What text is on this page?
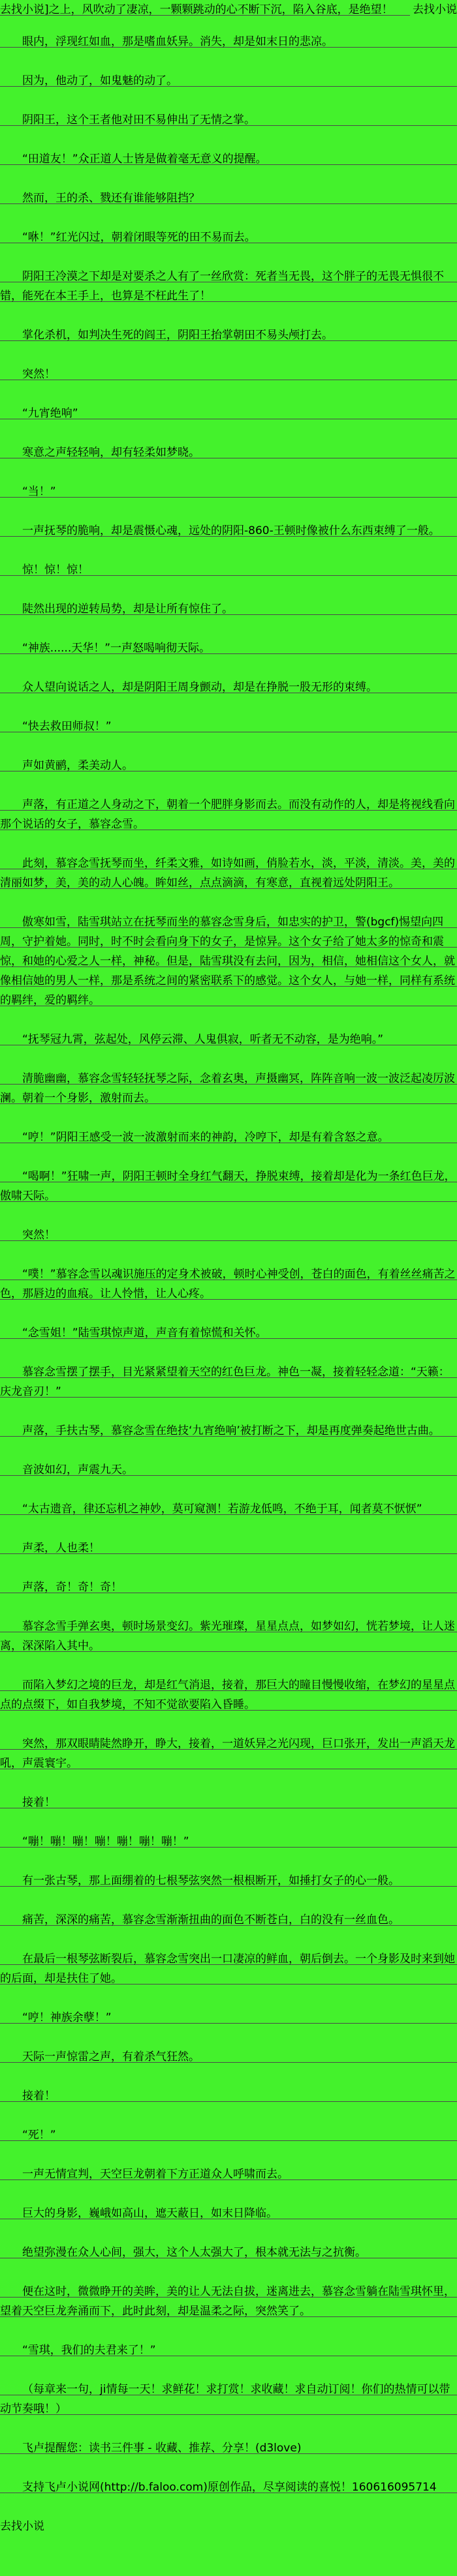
去找小说]之上，风吹动了凄凉，一颗颗跳动的心不断下沉，陷入谷底，是绝望！	去找小说
眼内，浮现红如血，那是嗜血妖异。消失，却是如末日的悲凉。
因为，他动了，如鬼魅的动了。
阴阳王，这个王者他对田不易伸出了无情之掌。
“田道友！”众正道人士皆是做着毫无意义的提醒。
然而，王的杀、戮还有谁能够阻挡？
“咻！”红光闪过，朝着闭眼等死的田不易而去。
阴阳王冷漠之下却是对要杀之人有了一丝欣赏：死者当无畏，这个胖子的无畏无惧很不错，能死在本王手上，也算是不枉此生了！
掌化杀机，如判决生死的阎王，阴阳王抬掌朝田不易头颅打去。
突然！
“九宵绝响”
寒意之声轻轻响，却有轻柔如梦晓。
“当！”
一声抚琴的脆响，却是震慑心魂，远处的阴阳-860-王顿时像被什么东西束缚了一般。
惊！惊！惊！
陡然出现的逆转局势，却是让所有惊住了。
“神族......天华！”一声怒喝响彻天际。
众人望向说话之人，却是阴阳王周身颤动，却是在挣脱一股无形的束缚。
“快去救田师叔！”
声如黄鹂，柔美动人。
声落，有正道之人身动之下，朝着一个肥胖身影而去。而没有动作的人，却是将视线看向那个说话的女子，慕容念雪。
此刻，慕容念雪抚琴而坐，纤柔文雅，如诗如画，俏脸若水，淡，平淡，清淡。美，美的清丽如梦，美，美的动人心魄。眸如丝，点点滴滴，有寒意，直视着远处阴阳王。
傲寒如雪，陆雪琪站立在抚琴而坐的慕容念雪身后，如忠实的护卫，警(bgcf)惕望向四周，守护着她。同时，时不时会看向身下的女子，是惊异。这个女子给了她太多的惊奇和震惊，和她的心爱之人一样，神秘。但是，陆雪琪没有去问，因为，相信，她相信这个女人，就像相信她的男人一样，那是系统之间的紧密联系下的感觉。这个女人，与她一样，同样有系统的羁绊，爱的羁绊。
“抚琴冠九霄，弦起处，风停云滞、人鬼俱寂，听者无不动容，是为绝响。”
清脆幽幽，慕容念雪轻轻抚琴之际，念着玄奥，声摄幽冥，阵阵音响一波一波泛起凌厉波澜。朝着一个身影，激射而去。
“哼！”阴阳王感受一波一波激射而来的神韵，冷哼下，却是有着含怒之意。
“喝啊！”狂啸一声，阴阳王顿时全身红气翻天，挣脱束缚，接着却是化为一条红色巨龙，傲啸天际。
突然！
“噗！”慕容念雪以魂识施压的定身术被破，顿时心神受创，苍白的面色，有着丝丝痛苦之色，那唇边的血痕。让人怜惜，让人心疼。
“念雪姐！”陆雪琪惊声道，声音有着惊慌和关怀。
慕容念雪摆了摆手，目光紧紧望着天空的红色巨龙。神色一凝，接着轻轻念道：“天籁：庆龙音刃！”
声落，手扶古琴，慕容念雪在绝技‘九宵绝响’被打断之下，却是再度弹奏起绝世古曲。
音波如幻，声震九天。
“太古遗音，律还忘机之神妙，莫可窥测！若游龙低鸣，不绝于耳，闻者莫不恹恹”
声柔，人也柔！
声落，奇！奇！奇！
慕容念雪手弹玄奥，顿时场景变幻。紫光璀璨，星星点点，如梦如幻，恍若梦境，让人迷离，深深陷入其中。
而陷入梦幻之境的巨龙，却是红气消退，接着，那巨大的瞳目慢慢收缩，在梦幻的星星点点的点缀下，如自我梦境，不知不觉欲要陷入昏睡。
突然，那双眼睛陡然睁开，睁大，接着，一道妖异之光闪现，巨口张开，发出一声滔天龙吼，声震寰宇。
接着！
“嘣！嘣！嘣！嘣！嘣！嘣！嘣！”
有一张古琴，那上面绷着的七根琴弦突然一根根断开，如捶打女子的心一般。
痛苦，深深的痛苦，慕容念雪渐渐扭曲的面色不断苍白，白的没有一丝血色。
在最后一根琴弦断裂后，慕容念雪突出一口凄凉的鲜血，朝后倒去。一个身影及时来到她的后面，却是扶住了她。
“哼！神族余孽！”
天际一声惊雷之声，有着杀气狂然。
接着！
“死！”
一声无情宣判，天空巨龙朝着下方正道众人呼啸而去。
巨大的身影，巍峨如高山，遮天蔽日，如末日降临。
绝望弥漫在众人心间，强大，这个人太强大了，根本就无法与之抗衡。
便在这时，微微睁开的美眸，美的让人无法自拔，迷离进去，慕容念雪躺在陆雪琪怀里，望着天空巨龙奔涌而下，此时此刻，却是温柔之际，突然笑了。
“雪琪，我们的夫君来了！”
（每章来一句，ji情每一天！求鲜花！求打赏！求收藏！求自动订阅！你们的热情可以带动节奏哦！）
飞卢提醒您：读书三件事 - 收藏、推荐、分享！(d3love)
支持飞卢小说网(http://b.faloo.com)原创作品，尽享阅读的喜悦！160616095714
去找小说
